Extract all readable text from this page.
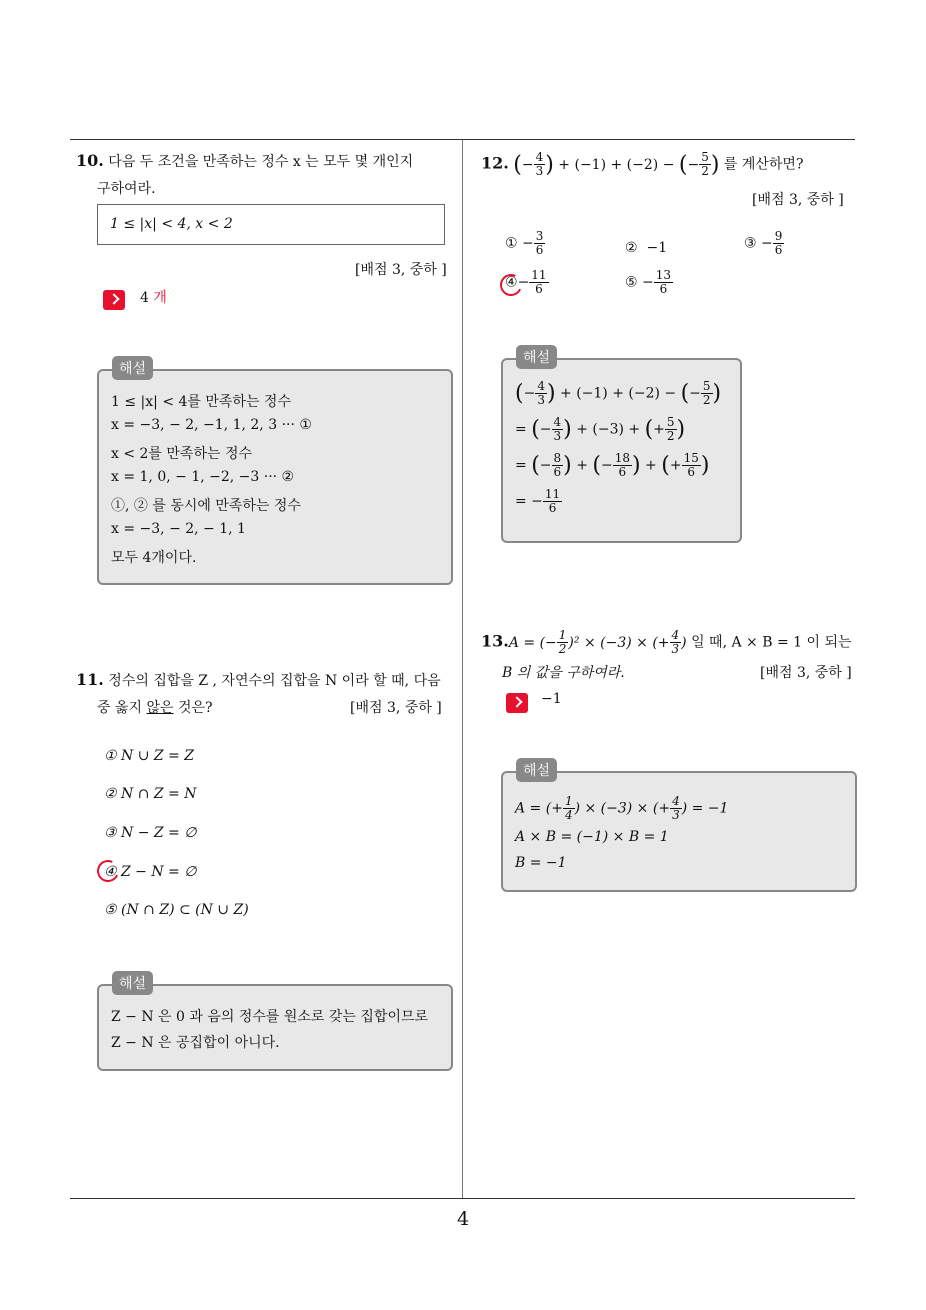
4
10. 다음 두 조건을 만족하는 정수 x 는 모두 몇 개인지
구하여라.
1 ≤ |x| < 4, x < 2
[배점 3, 중하 ]
4 개
1 ≤ |x| < 4를 만족하는 정수
x = −3, − 2, −1, 1, 2, 3 ··· ①
x < 2를 만족하는 정수
x = 1, 0, − 1, −2, −3 ··· ②
①, ② 를 동시에 만족하는 정수
x = −3, − 2, − 1, 1
모두 4개이다.
해설
11. 정수의 집합을 Z , 자연수의 집합을 N 이라 할 때, 다음
중 옳지 않은 것은?	[배점 3, 중하 ]
① N ∪ Z = Z
② N ∩ Z = N
③ N − Z = ∅
④ Z − N = ∅
⑤ (N ∩ Z) ⊂ (N ∪ Z)
Z − N 은 0 과 음의 정수를 원소로 갖는 집합이므로
Z − N 은 공집합이 아니다.
해설
12. (− $\frac{4}{3}$ ) + (−1) + (−2) − (− $\frac{5}{2}$ ) 를 계산하면?
[배점 3, 중하 ]
① − $\frac{3}{6}$	② −1	③ − $\frac{9}{6}$
④− $\frac{11}{6}$	⑤ − $\frac{13}{6}$
(− $\frac{4}{3}$ ) + (−1) + (−2) − (− $\frac{5}{2}$ )
= (− $\frac{4}{3}$ ) + (−3) + (+ $\frac{5}{2}$ )
= (− $\frac{8}{6}$ ) + (− $\frac{18}{6}$ ) + (+ $\frac{15}{6}$ )
= − $\frac{11}{6}$
해설
13.A = (− $\frac{1}{2} )^2 \times (-3)$ × (+ $\frac{4}{3}$ ) 일 때, A × B = 1 이 되는
B 의 값을 구하여라.	[배점 3, 중하 ]
−1
A = (+ $\frac{1}{4}$ ) × (−3) × (+ $\frac{4}{3}$ ) = −1
A × B = (−1) × B = 1
B = −1
해설
